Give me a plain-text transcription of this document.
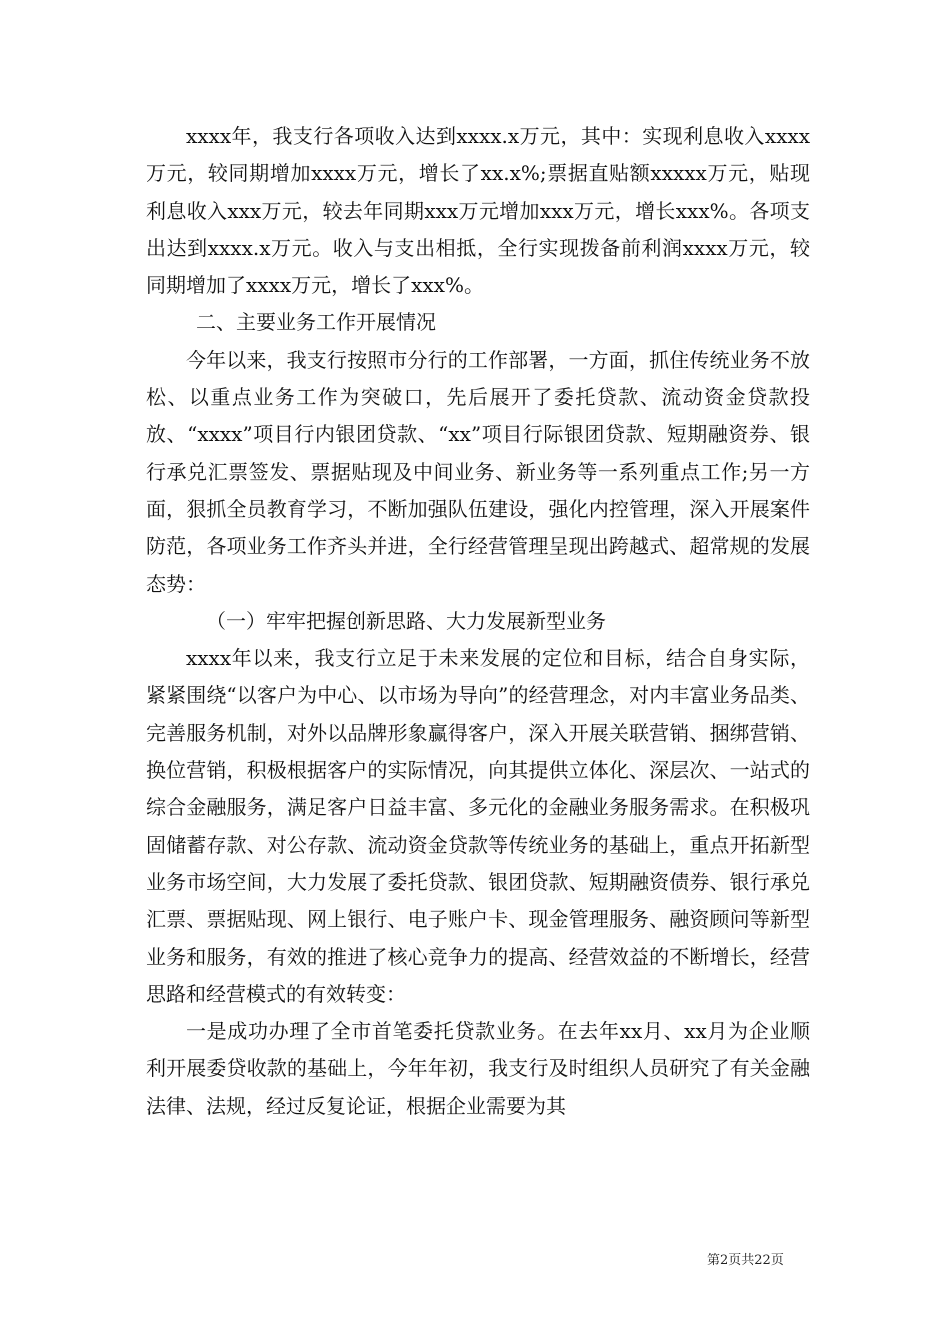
xxxx年，我支行各项收入达到xxxx.x万元，其中：实现利息收入xxxx万元，较同期增加xxxx万元，增长了xx.x%;票据直贴额xxxxx万元，贴现利息收入xxx万元，较去年同期xxx万元增加xxx万元，增长xxx%。各项支出达到xxxx.x万元。收入与支出相抵，全行实现拨备前利润xxxx万元，较同期增加了xxxx万元，增长了xxx%。

二、主要业务工作开展情况

今年以来，我支行按照市分行的工作部署，一方面，抓住传统业务不放松、以重点业务工作为突破口，先后展开了委托贷款、流动资金贷款投放、“xxxx”项目行内银团贷款、“xx”项目行际银团贷款、短期融资券、银行承兑汇票签发、票据贴现及中间业务、新业务等一系列重点工作;另一方面，狠抓全员教育学习，不断加强队伍建设，强化内控管理，深入开展案件防范，各项业务工作齐头并进，全行经营管理呈现出跨越式、超常规的发展态势：

（一）牢牢把握创新思路、大力发展新型业务

xxxx年以来，我支行立足于未来发展的定位和目标，结合自身实际，紧紧围绕“以客户为中心、以市场为导向”的经营理念，对内丰富业务品类、完善服务机制，对外以品牌形象赢得客户，深入开展关联营销、捆绑营销、换位营销，积极根据客户的实际情况，向其提供立体化、深层次、一站式的综合金融服务，满足客户日益丰富、多元化的金融业务服务需求。在积极巩固储蓄存款、对公存款、流动资金贷款等传统业务的基础上，重点开拓新型业务市场空间，大力发展了委托贷款、银团贷款、短期融资债券、银行承兑汇票、票据贴现、网上银行、电子账户卡、现金管理服务、融资顾问等新型业务和服务，有效的推进了核心竞争力的提高、经营效益的不断增长，经营思路和经营模式的有效转变：

一是成功办理了全市首笔委托贷款业务。在去年xx月、xx月为企业顺利开展委贷收款的基础上，今年年初，我支行及时组织人员研究了有关金融法律、法规，经过反复论证，根据企业需要为其

第2页共22页
